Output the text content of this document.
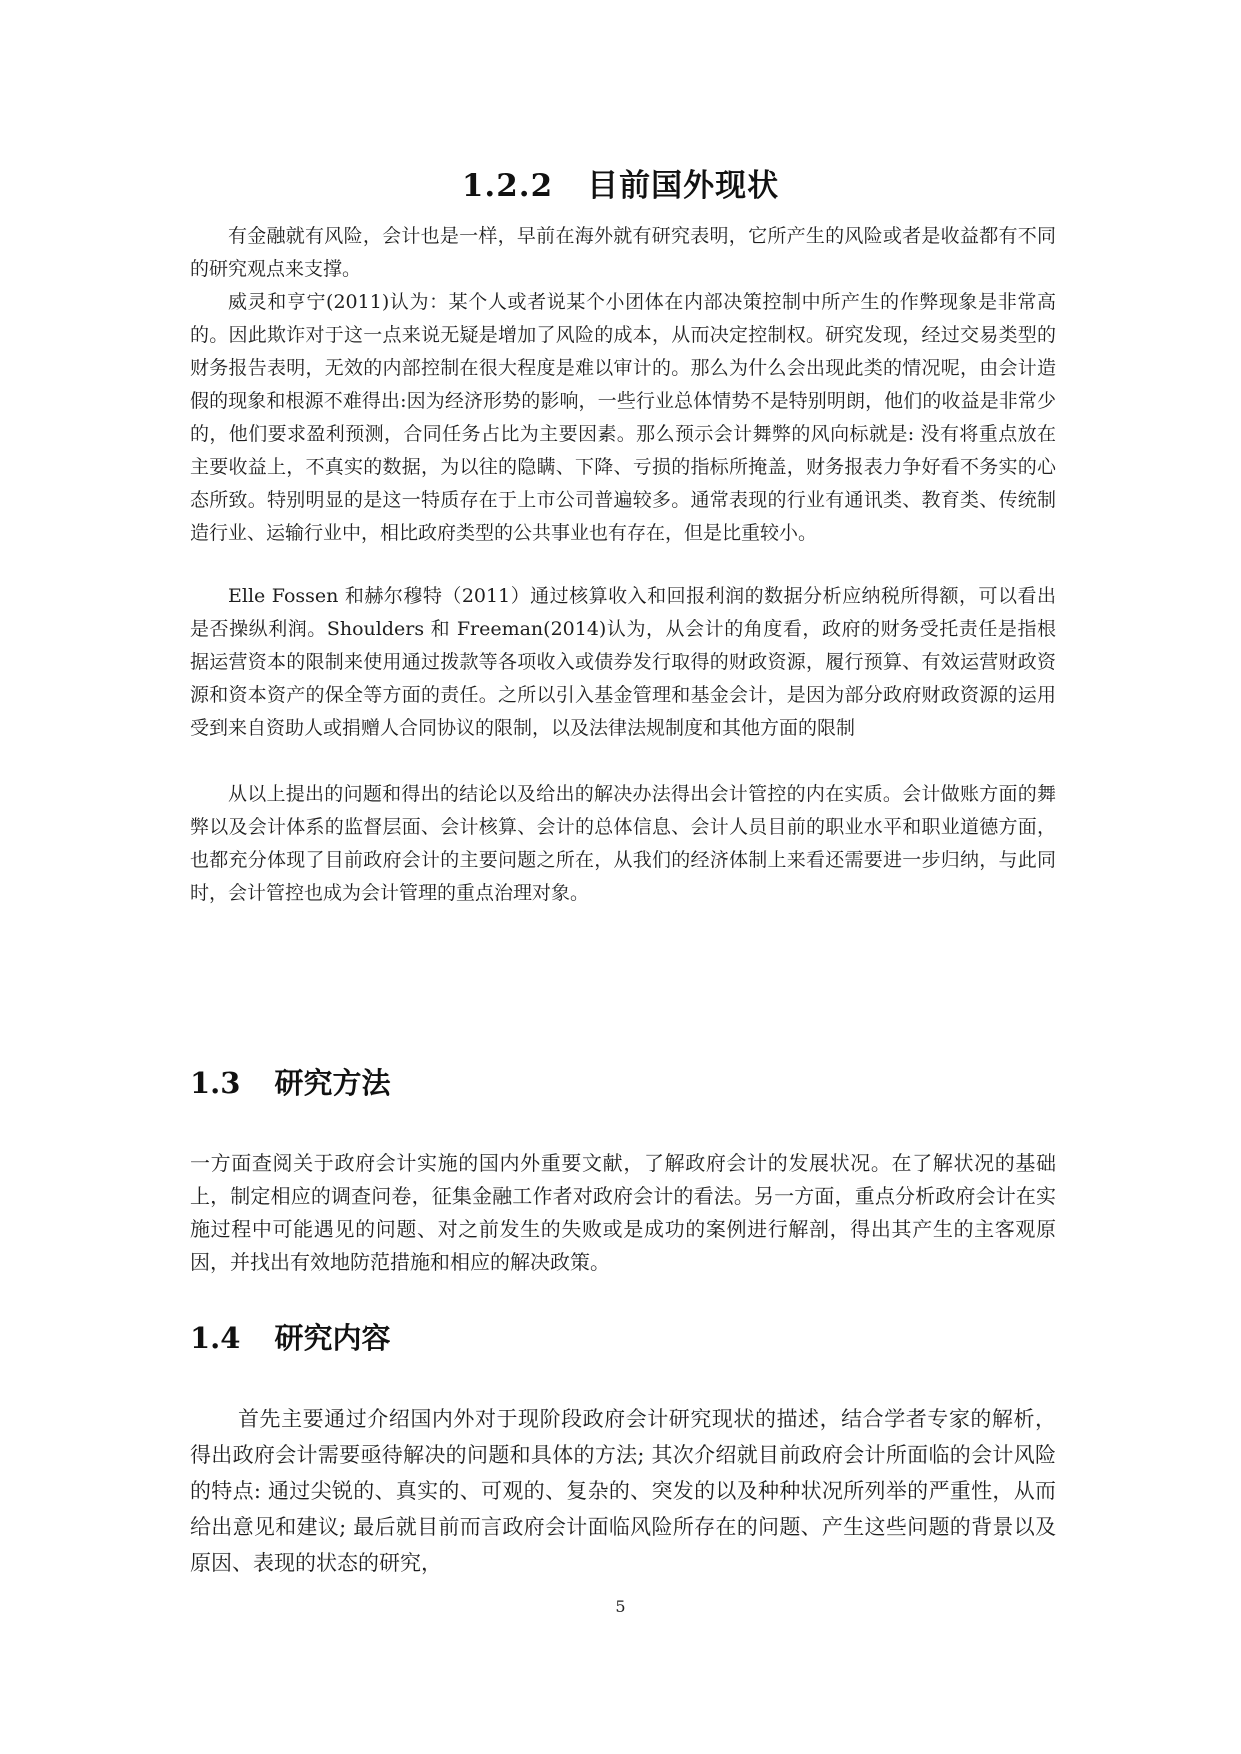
1.2.2 目前国外现状

有金融就有风险，会计也是一样，早前在海外就有研究表明，它所产生的风险或者是收益都有不同的研究观点来支撑。

威灵和亨宁(2011)认为：某个人或者说某个小团体在内部决策控制中所产生的作弊现象是非常高的。因此欺诈对于这一点来说无疑是增加了风险的成本，从而决定控制权。研究发现，经过交易类型的财务报告表明，无效的内部控制在很大程度是难以审计的。那么为什么会出现此类的情况呢，由会计造假的现象和根源不难得出:因为经济形势的影响，一些行业总体情势不是特别明朗，他们的收益是非常少的，他们要求盈利预测，合同任务占比为主要因素。那么预示会计舞弊的风向标就是: 没有将重点放在主要收益上，不真实的数据，为以往的隐瞒、下降、亏损的指标所掩盖，财务报表力争好看不务实的心态所致。特别明显的是这一特质存在于上市公司普遍较多。通常表现的行业有通讯类、教育类、传统制造行业、运输行业中，相比政府类型的公共事业也有存在，但是比重较小。

Elle Fossen 和赫尔穆特（2011）通过核算收入和回报利润的数据分析应纳税所得额，可以看出是否操纵利润。Shoulders 和 Freeman(2014)认为，从会计的角度看，政府的财务受托责任是指根据运营资本的限制来使用通过拨款等各项收入或债券发行取得的财政资源，履行预算、有效运营财政资源和资本资产的保全等方面的责任。之所以引入基金管理和基金会计，是因为部分政府财政资源的运用受到来自资助人或捐赠人合同协议的限制，以及法律法规制度和其他方面的限制

从以上提出的问题和得出的结论以及给出的解决办法得出会计管控的内在实质。会计做账方面的舞弊以及会计体系的监督层面、会计核算、会计的总体信息、会计人员目前的职业水平和职业道德方面，也都充分体现了目前政府会计的主要问题之所在，从我们的经济体制上来看还需要进一步归纳，与此同时，会计管控也成为会计管理的重点治理对象。

1.3 研究方法

一方面查阅关于政府会计实施的国内外重要文献，了解政府会计的发展状况。在了解状况的基础上，制定相应的调查问卷，征集金融工作者对政府会计的看法。另一方面，重点分析政府会计在实施过程中可能遇见的问题、对之前发生的失败或是成功的案例进行解剖，得出其产生的主客观原因，并找出有效地防范措施和相应的解决政策。

1.4 研究内容

首先主要通过介绍国内外对于现阶段政府会计研究现状的描述，结合学者专家的解析，得出政府会计需要亟待解决的问题和具体的方法; 其次介绍就目前政府会计所面临的会计风险的特点: 通过尖锐的、真实的、可观的、复杂的、突发的以及种种状况所列举的严重性，从而给出意见和建议; 最后就目前而言政府会计面临风险所存在的问题、产生这些问题的背景以及原因、表现的状态的研究，

5
